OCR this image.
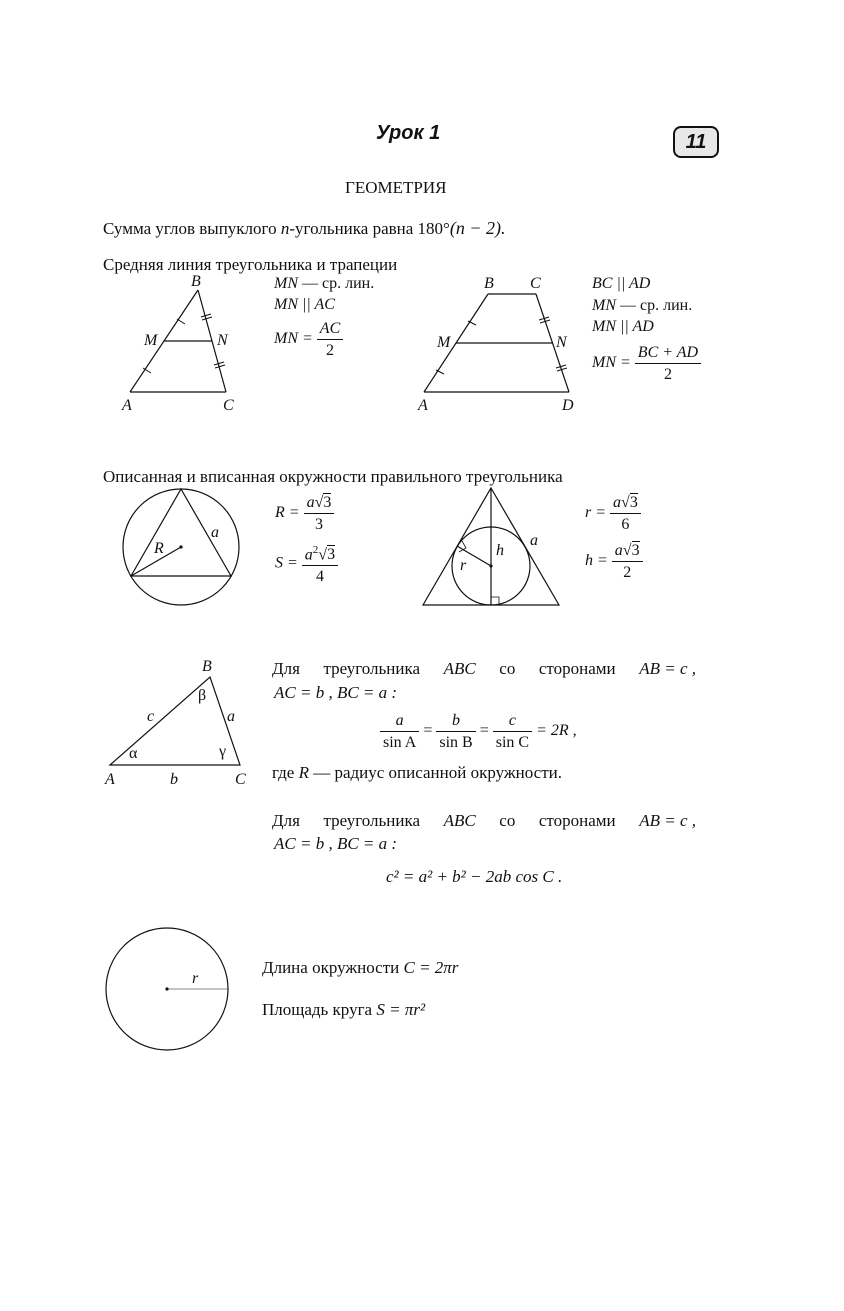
Урок 1	11
ГЕОМЕТРИЯ
Сумма углов выпуклого n-угольника равна 180°(n − 2).
Средняя линия треугольника и трапеции
B
M	N
A	C
MN — ср. лин.
MN || AC
MN = $\frac{AC}{2}$
B C
M	N
A	D
BC || AD
MN — ср. лин.
MN || AD
MN = $\frac{BC + AD}{2}$
Описанная и вписанная окружности правильного треугольника
R
a
$R = \frac{a√3}{3}$
$S = \frac{a^2√3}{4}$	h
r
a
$r = \frac{a√3}{6}$
$h = \frac{a√3}{2}$
B
β
c	a
α	γ
A	b	C
Для треугольника ABC со сторонами AB = c ,
AC = b , BC = a :
$\frac{a}{\text{sin A}} = \frac{b}{\text{sin B}} = \frac{c}{\text{sin C}} = 2R$ ,
где R — радиус описанной окружности.
Для треугольника ABC со сторонами AB = c ,
AC = b , BC = a :
c² = a² + b² − 2ab cos C .
r
Длина окружности C = 2πr
Площадь круга S = πr²
